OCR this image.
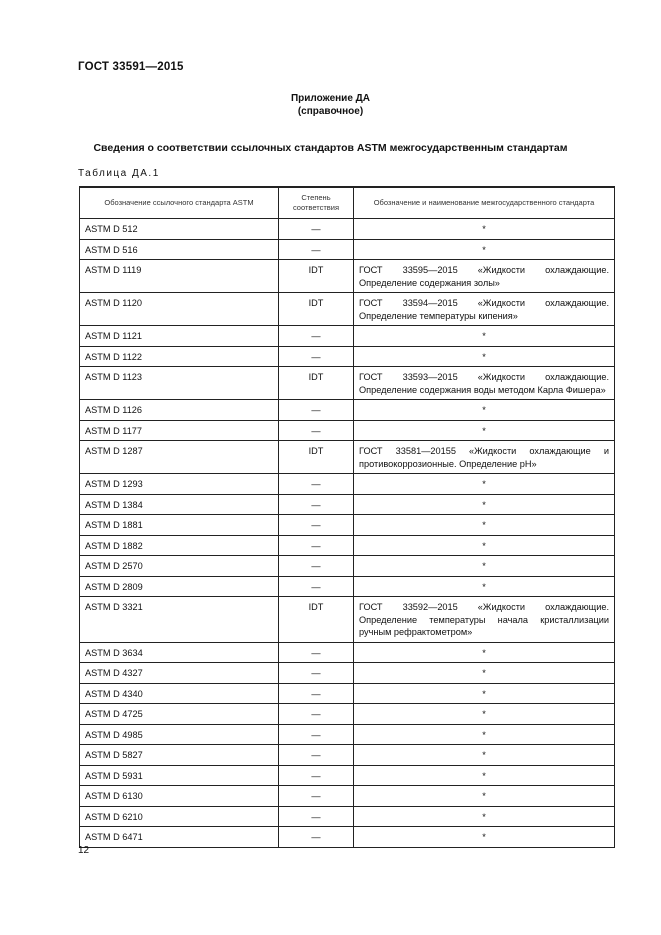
ГОСТ 33591—2015
Приложение ДА
(справочное)
Сведения о соответствии ссылочных стандартов ASTM межгосударственным стандартам
Таблица ДА.1
Обозначение ссылочного стандарта ASTM	Степень соответствия	Обозначение и наименование межгосударственного стандарта
ASTM D 512	—	*
ASTM D 516	—	*
ASTM D 1119	IDT	ГОСТ 33595—2015 «Жидкости охлаждающие. Определение содержания золы»
ASTM D 1120	IDT	ГОСТ 33594—2015 «Жидкости охлаждающие. Определение температуры кипения»
ASTM D 1121	—	*
ASTM D 1122	—	*
ASTM D 1123	IDT	ГОСТ 33593—2015 «Жидкости охлаждающие. Определение содержания воды методом Карла Фишера»
ASTM D 1126	—	*
ASTM D 1177	—	*
ASTM D 1287	IDT	ГОСТ 33581—20155 «Жидкости охлаждающие и противокоррозионные. Определение pH»
ASTM D 1293	—	*
ASTM D 1384	—	*
ASTM D 1881	—	*
ASTM D 1882	—	*
ASTM D 2570	—	*
ASTM D 2809	—	*
ASTM D 3321	IDT	ГОСТ 33592—2015 «Жидкости охлаждающие. Определение температуры начала кристаллизации ручным рефрактометром»
ASTM D 3634	—	*
ASTM D 4327	—	*
ASTM D 4340	—	*
ASTM D 4725	—	*
ASTM D 4985	—	*
ASTM D 5827	—	*
ASTM D 5931	—	*
ASTM D 6130	—	*
ASTM D 6210	—	*
ASTM D 6471	—	*
12
